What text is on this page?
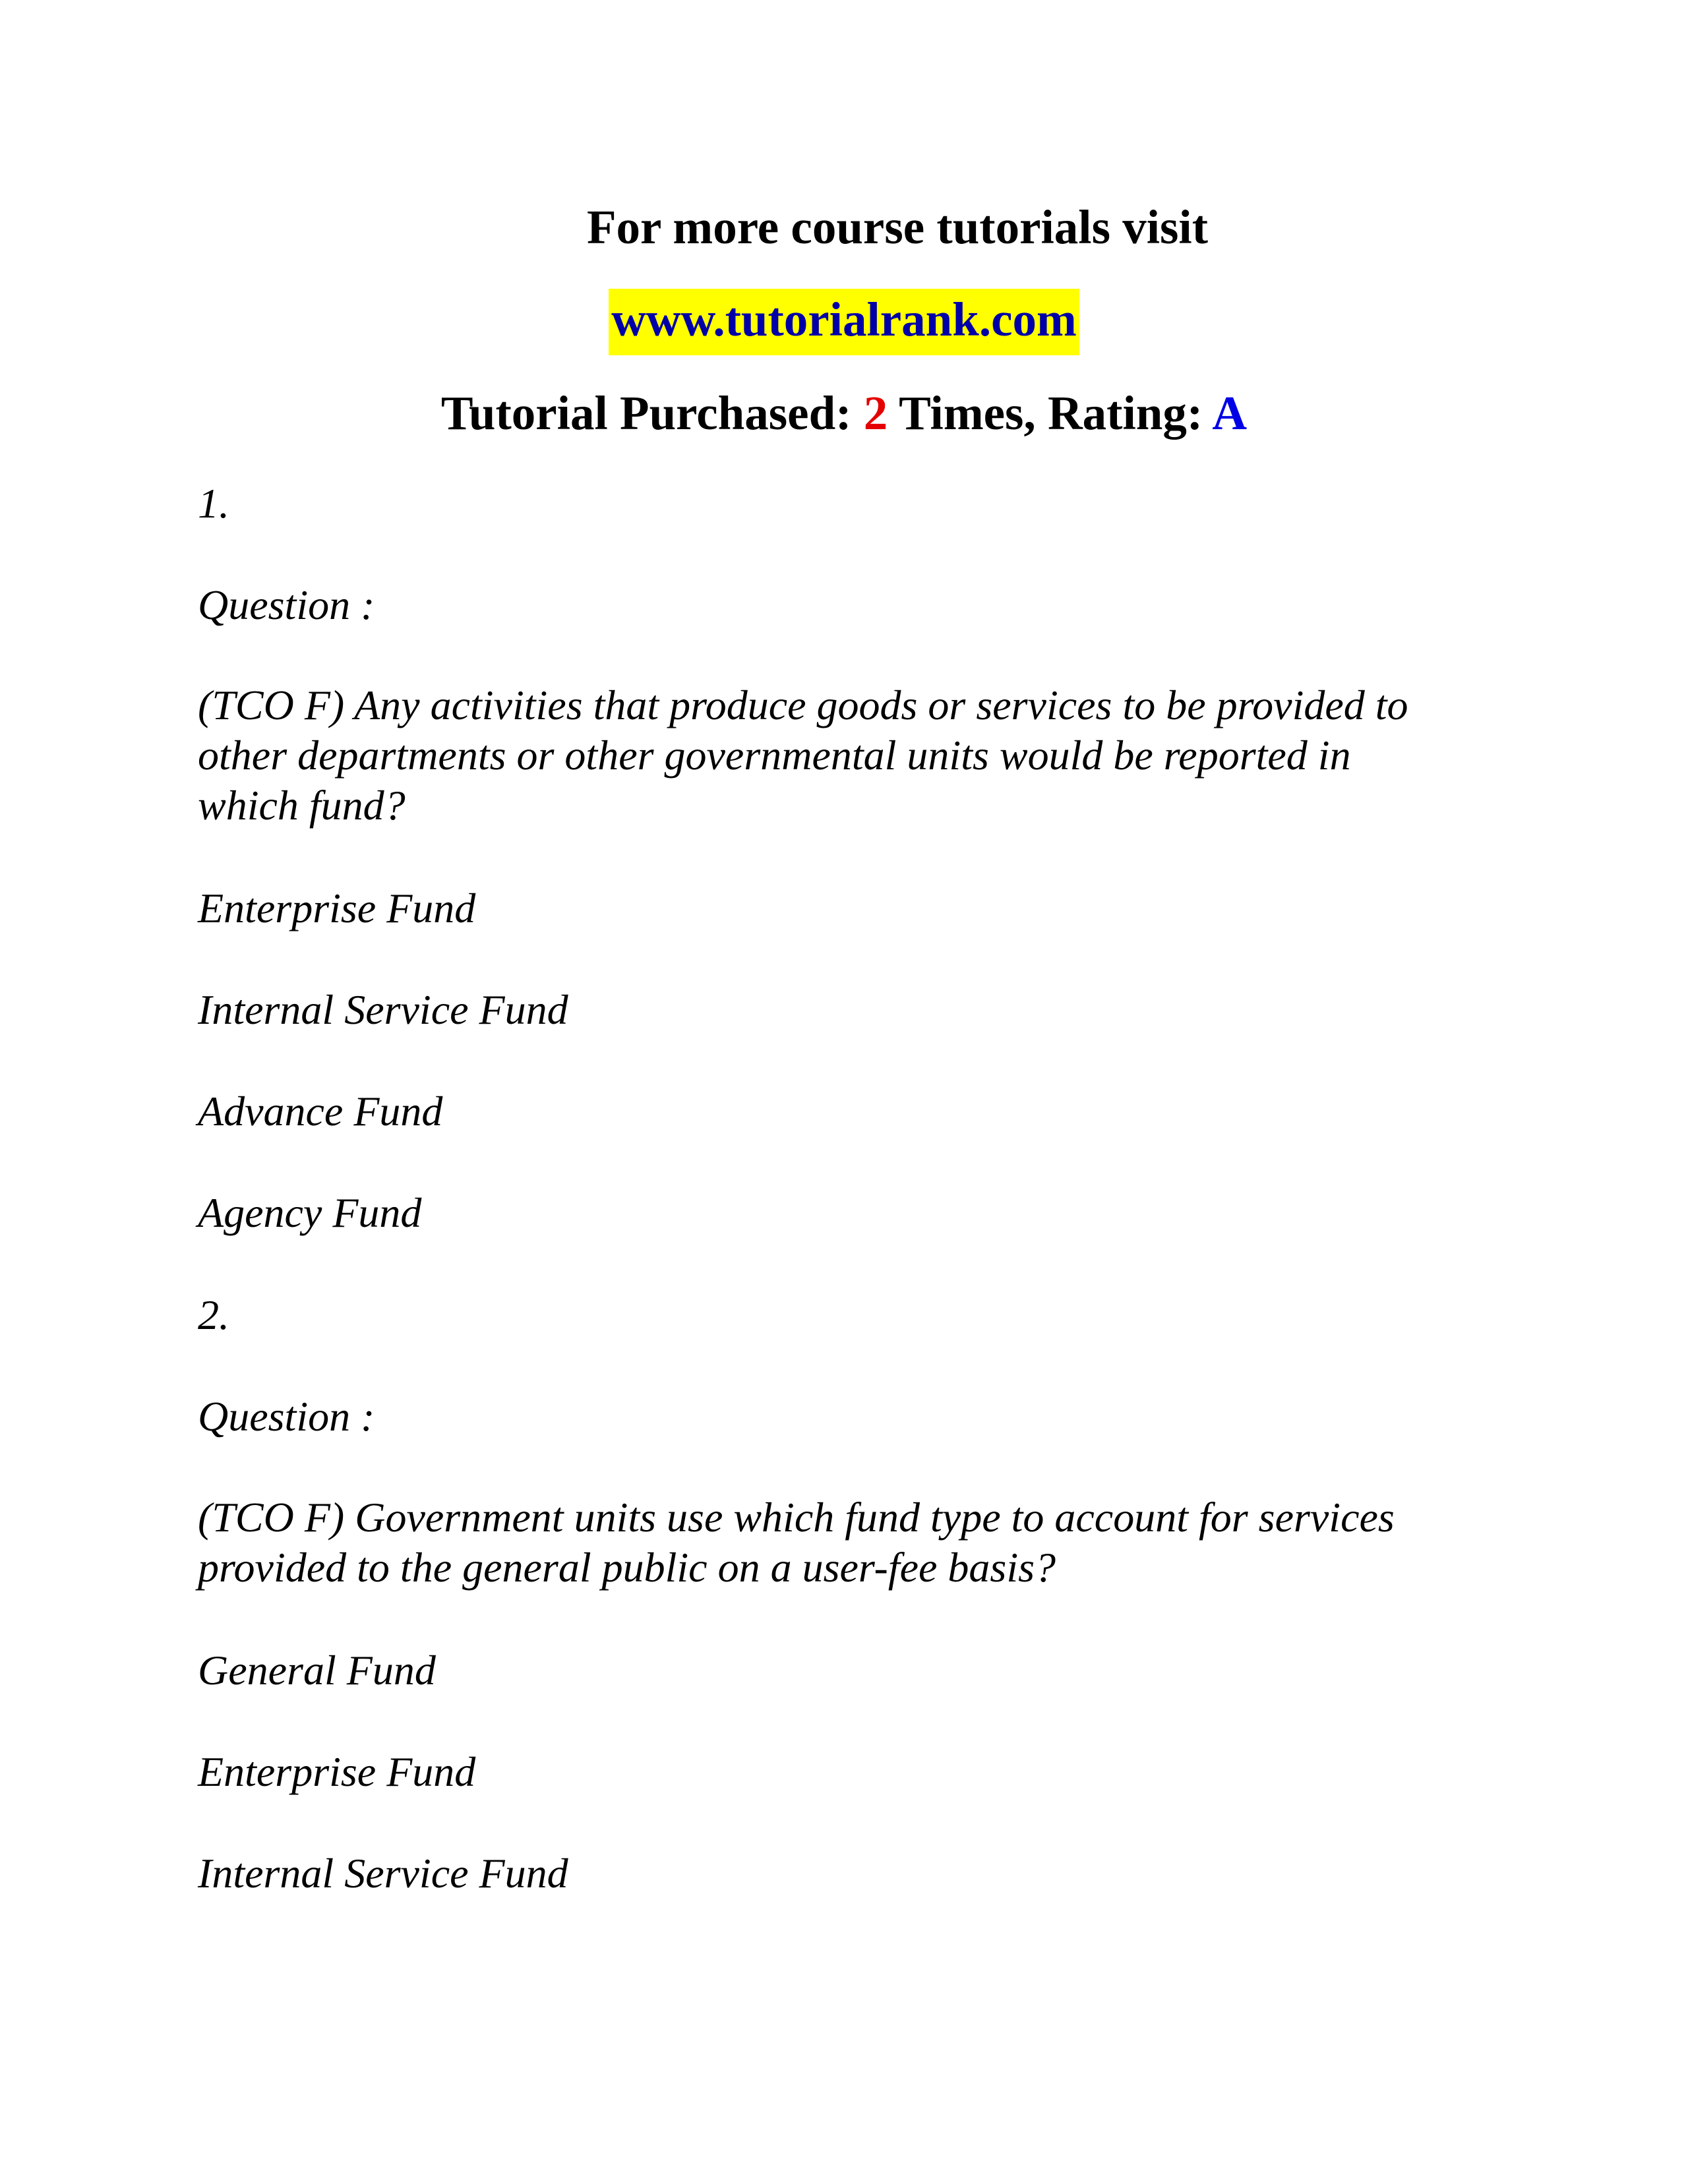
For more course tutorials visit
www.tutorialrank.com
Tutorial Purchased: 2 Times, Rating: A
1.
Question :
(TCO F) Any activities that produce goods or services to be provided to
other departments or other governmental units would be reported in
which fund?
Enterprise Fund
Internal Service Fund
Advance Fund
Agency Fund
2.
Question :
(TCO F) Government units use which fund type to account for services
provided to the general public on a user-fee basis?
General Fund
Enterprise Fund
Internal Service Fund
